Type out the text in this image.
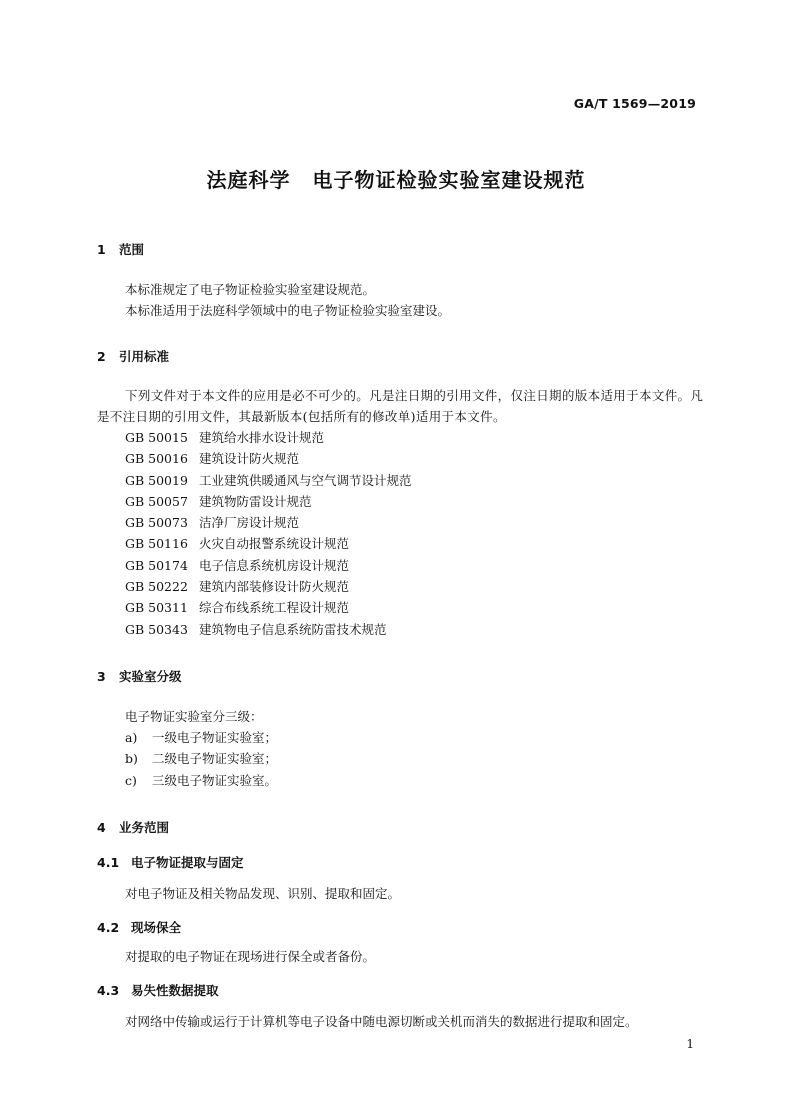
GA/T 1569—2019
法庭科学 电子物证检验实验室建设规范
1 范围
本标准规定了电子物证检验实验室建设规范。
本标准适用于法庭科学领域中的电子物证检验实验室建设。
2 引用标准
下列文件对于本文件的应用是必不可少的。凡是注日期的引用文件，仅注日期的版本适用于本文件。凡是不注日期的引用文件，其最新版本(包括所有的修改单)适用于本文件。
GB 50015 建筑给水排水设计规范
GB 50016 建筑设计防火规范
GB 50019 工业建筑供暖通风与空气调节设计规范
GB 50057 建筑物防雷设计规范
GB 50073 洁净厂房设计规范
GB 50116 火灾自动报警系统设计规范
GB 50174 电子信息系统机房设计规范
GB 50222 建筑内部装修设计防火规范
GB 50311 综合布线系统工程设计规范
GB 50343 建筑物电子信息系统防雷技术规范
3 实验室分级
电子物证实验室分三级：
a) 一级电子物证实验室；
b) 二级电子物证实验室；
c) 三级电子物证实验室。
4 业务范围
4.1 电子物证提取与固定
对电子物证及相关物品发现、识别、提取和固定。
4.2 现场保全
对提取的电子物证在现场进行保全或者备份。
4.3 易失性数据提取
对网络中传输或运行于计算机等电子设备中随电源切断或关机而消失的数据进行提取和固定。
1
